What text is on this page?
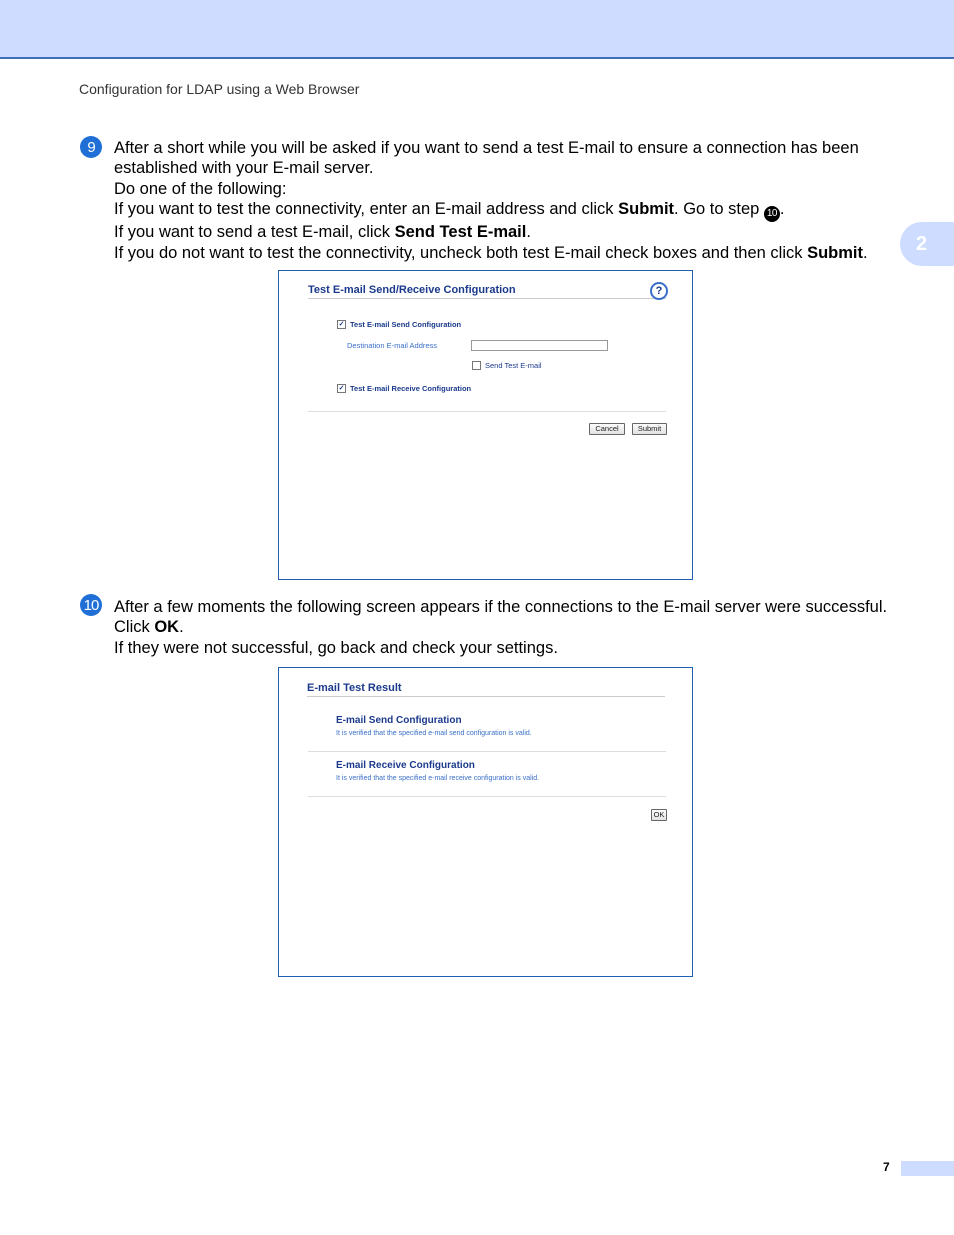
Configuration for LDAP using a Web Browser
2
9	After a short while you will be asked if you want to send a test E-mail to ensure a connection has been established with your E-mail server.

Do one of the following:

If you want to test the connectivity, enter an E-mail address and click Submit. Go to step 10 .

If you want to send a test E-mail, click Send Test E-mail.

If you do not want to test the connectivity, uncheck both test E-mail check boxes and then click Submit.

Test E-mail Send/Receive Configuration	?
✓ Test E-mail Send Configuration
Destination E-mail Address
Send Test E-mail
✓ Test E-mail Receive Configuration
Cancel	Submit
10 After a few moments the following screen appears if the connections to the E-mail server were successful. Click OK.

If they were not successful, go back and check your settings.

E-mail Test Result
E-mail Send Configuration
It is verified that the specified e-mail send configuration is valid.
E-mail Receive Configuration
It is verified that the specified e-mail receive configuration is valid.
OK
7
